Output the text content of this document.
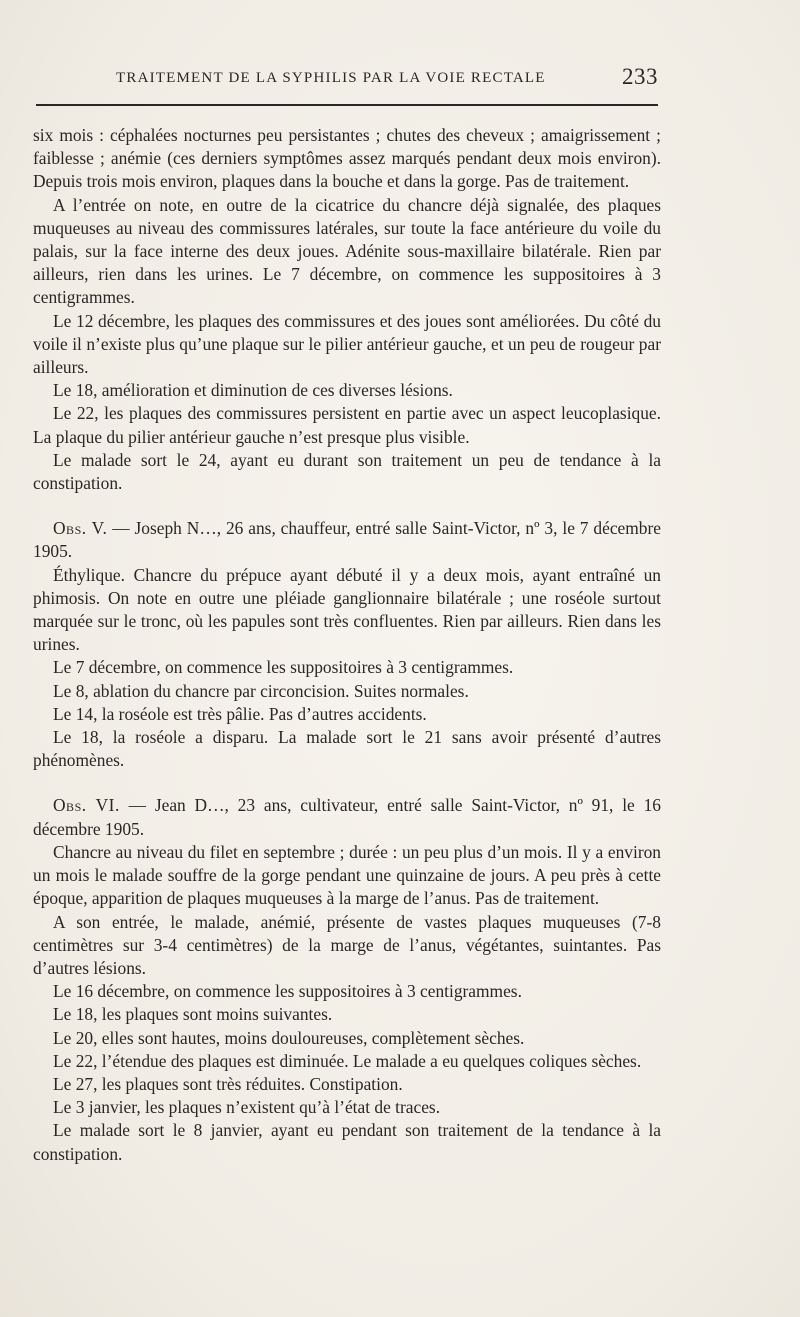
TRAITEMENT DE LA SYPHILIS PAR LA VOIE RECTALE	233

six mois : céphalées nocturnes peu persistantes ; chutes des cheveux ; amaigrissement ; faiblesse ; anémie (ces derniers symptômes assez marqués pendant deux mois environ). Depuis trois mois environ, plaques dans la bouche et dans la gorge. Pas de traitement.

A l’entrée on note, en outre de la cicatrice du chancre déjà signalée, des plaques muqueuses au niveau des commissures latérales, sur toute la face antérieure du voile du palais, sur la face interne des deux joues. Adénite sous-maxillaire bilatérale. Rien par ailleurs, rien dans les urines. Le 7 décembre, on commence les suppositoires à 3 centigrammes.

Le 12 décembre, les plaques des commissures et des joues sont améliorées. Du côté du voile il n’existe plus qu’une plaque sur le pilier antérieur gauche, et un peu de rougeur par ailleurs.

Le 18, amélioration et diminution de ces diverses lésions.

Le 22, les plaques des commissures persistent en partie avec un aspect leucoplasique. La plaque du pilier antérieur gauche n’est presque plus visible.

Le malade sort le 24, ayant eu durant son traitement un peu de tendance à la constipation.

Obs. V. — Joseph N…, 26 ans, chauffeur, entré salle Saint-Victor, nº 3, le 7 décembre 1905.

Éthylique. Chancre du prépuce ayant débuté il y a deux mois, ayant entraîné un phimosis. On note en outre une pléiade ganglionnaire bilatérale ; une roséole surtout marquée sur le tronc, où les papules sont très confluentes. Rien par ailleurs. Rien dans les urines.

Le 7 décembre, on commence les suppositoires à 3 centigrammes.

Le 8, ablation du chancre par circoncision. Suites normales.

Le 14, la roséole est très pâlie. Pas d’autres accidents.

Le 18, la roséole a disparu. La malade sort le 21 sans avoir présenté d’autres phénomènes.

Obs. VI. — Jean D…, 23 ans, cultivateur, entré salle Saint-Victor, nº 91, le 16 décembre 1905.

Chancre au niveau du filet en septembre ; durée : un peu plus d’un mois. Il y a environ un mois le malade souffre de la gorge pendant une quinzaine de jours. A peu près à cette époque, apparition de plaques muqueuses à la marge de l’anus. Pas de traitement.

A son entrée, le malade, anémié, présente de vastes plaques muqueuses (7-8 centimètres sur 3-4 centimètres) de la marge de l’anus, végétantes, suintantes. Pas d’autres lésions.

Le 16 décembre, on commence les suppositoires à 3 centigrammes.

Le 18, les plaques sont moins suivantes.

Le 20, elles sont hautes, moins douloureuses, complètement sèches.

Le 22, l’étendue des plaques est diminuée. Le malade a eu quelques coliques sèches.

Le 27, les plaques sont très réduites. Constipation.

Le 3 janvier, les plaques n’existent qu’à l’état de traces.

Le malade sort le 8 janvier, ayant eu pendant son traitement de la tendance à la constipation.
